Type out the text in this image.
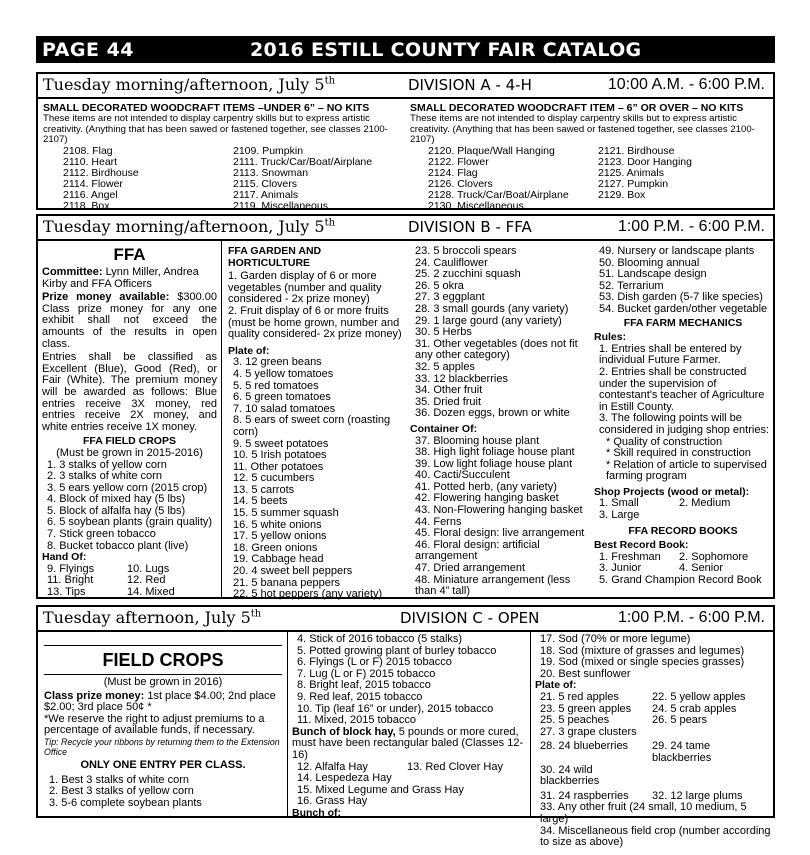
PAGE 44	2016 ESTILL COUNTY FAIR CATALOG
Tuesday morning/afternoon, July 5th	DIVISION A - 4-H	10:00 A.M. - 6:00 P.M.
SMALL DECORATED WOODCRAFT ITEMS –UNDER 6” – NO KITS
These items are not intended to display carpentry skills but to express artistic creativity. (Anything that has been sawed or fastened together, see classes 2100-2107)
2108. Flag	2109. Pumpkin
2110. Heart	2111. Truck/Car/Boat/Airplane
2112. Birdhouse	2113. Snowman
2114. Flower	2115. Clovers
2116. Angel	2117. Animals
2118. Box	2119. Miscellaneous
SMALL DECORATED WOODCRAFT ITEM – 6” OR OVER – NO KITS
These items are not intended to display carpentry skills but to express artistic creativity. (Anything that has been sawed or fastened together, see classes 2100-2107)
2120. Plaque/Wall Hanging	2121. Birdhouse
2122. Flower	2123. Door Hanging
2124. Flag	2125. Animals
2126. Clovers	2127. Pumpkin
2128. Truck/Car/Boat/Airplane	2129. Box
2130. Miscellaneous
Tuesday morning/afternoon, July 5th	DIVISION B - FFA	1:00 P.M. - 6:00 P.M.
FFA

Committee: Lynn Miller, Andrea Kirby and FFA Officers

Prize money available: $300.00 Class prize money for any one exhibit shall not exceed the amounts of the results in open class.

Entries shall be classified as Excellent (Blue), Good (Red), or Fair (White). The premium money will be awarded as follows: Blue entries receive 3X money, red entries receive 2X money, and white entries receive 1X money.

FFA FIELD CROPS
(Must be grown in 2015-2016)
1. 3 stalks of yellow corn
2. 3 stalks of white corn
3. 5 ears yellow corn (2015 crop)
4. Block of mixed hay (5 lbs)
5. Block of alfalfa hay (5 lbs)
6. 5 soybean plants (grain quality)
7. Stick green tobacco
8. Bucket tobacco plant (live)
Hand Of:
9. Flyings	10. Lugs
11. Bright	12. Red
13. Tips	14. Mixed
FFA GARDEN AND HORTICULTURE

1. Garden display of 6 or more vegetables (number and quality considered - 2x prize money)

2. Fruit display of 6 or more fruits (must be home grown, number and quality considered- 2x prize money)

Plate of:
3. 12 green beans
4. 5 yellow tomatoes
5. 5 red tomatoes
6. 5 green tomatoes
7. 10 salad tomatoes
8. 5 ears of sweet corn (roasting corn)
9. 5 sweet potatoes
10. 5 Irish potatoes
11. Other potatoes
12. 5 cucumbers
13. 5 carrots
14. 5 beets
15. 5 summer squash
16. 5 white onions
17. 5 yellow onions
18. Green onions
19. Cabbage head
20. 4 sweet bell peppers
21. 5 banana peppers
22. 5 hot peppers (any variety)
23. 5 broccoli spears
24. Cauliflower
25. 2 zucchini squash
26. 5 okra
27. 3 eggplant
28. 3 small gourds (any variety)
29. 1 large gourd (any variety)
30. 5 Herbs
31. Other vegetables (does not fit any other category)
32. 5 apples
33. 12 blackberries
34. Other fruit
35. Dried fruit
36. Dozen eggs, brown or white
Container Of:
37. Blooming house plant
38. High light foliage house plant
39. Low light foliage house plant
40. Cacti/Succulent
41. Potted herb, (any variety)
42. Flowering hanging basket
43. Non-Flowering hanging basket
44. Ferns
45. Floral design: live arrangement
46. Floral design: artificial arrangement
47. Dried arrangement
48. Miniature arrangement (less than 4” tall)
49. Nursery or landscape plants
50. Blooming annual
51. Landscape design
52. Terrarium
53. Dish garden (5-7 like species)
54. Bucket garden/other vegetable
FFA FARM MECHANICS
Rules:
1. Entries shall be entered by individual Future Farmer.
2. Entries shall be constructed under the supervision of contestant's teacher of Agriculture in Estill County.
3. The following points will be considered in judging shop entries:
* Quality of construction
* Skill required in construction
* Relation of article to supervised farming program
Shop Projects (wood or metal):
1. Small	2. Medium
3. Large
FFA RECORD BOOKS
Best Record Book:
1. Freshman	2. Sophomore
3. Junior	4. Senior
5. Grand Champion Record Book
Tuesday afternoon, July 5th	DIVISION C - OPEN	1:00 P.M. - 6:00 P.M.
FIELD CROPS
(Must be grown in 2016)

Class prize money: 1st place $4.00; 2nd place $2.00; 3rd place 50¢ *

*We reserve the right to adjust premiums to a percentage of available funds, if necessary.

Tip: Recycle your ribbons by returning them to the Extension Office

ONLY ONE ENTRY PER CLASS.
1. Best 3 stalks of white corn
2. Best 3 stalks of yellow corn
3. 5-6 complete soybean plants
4. Stick of 2016 tobacco (5 stalks)
5. Potted growing plant of burley tobacco
6. Flyings (L or F) 2015 tobacco
7. Lug (L or F) 2015 tobacco
8. Bright leaf, 2015 tobacco
9. Red leaf, 2015 tobacco
10. Tip (leaf 16” or under), 2015 tobacco
11. Mixed, 2015 tobacco

Bunch of block hay, 5 pounds or more cured, must have been rectangular baled (Classes 12-16)

12. Alfalfa Hay	13. Red Clover Hay
14. Lespedeza Hay
15. Mixed Legume and Grass Hay
16. Grass Hay
Bunch of:
17. Sod (70% or more legume)
18. Sod (mixture of grasses and legumes)
19. Sod (mixed or single species grasses)
20. Best sunflower
Plate of:
21. 5 red apples	22. 5 yellow apples
23. 5 green apples	24. 5 crab apples
25. 5 peaches	26. 5 pears
27. 3 grape clusters
28. 24 blueberries	29. 24 tame blackberries
30. 24 wild blackberries
31. 24 raspberries	32. 12 large plums
33. Any other fruit (24 small, 10 medium, 5 large)
34. Miscellaneous field crop (number according to size as above)
